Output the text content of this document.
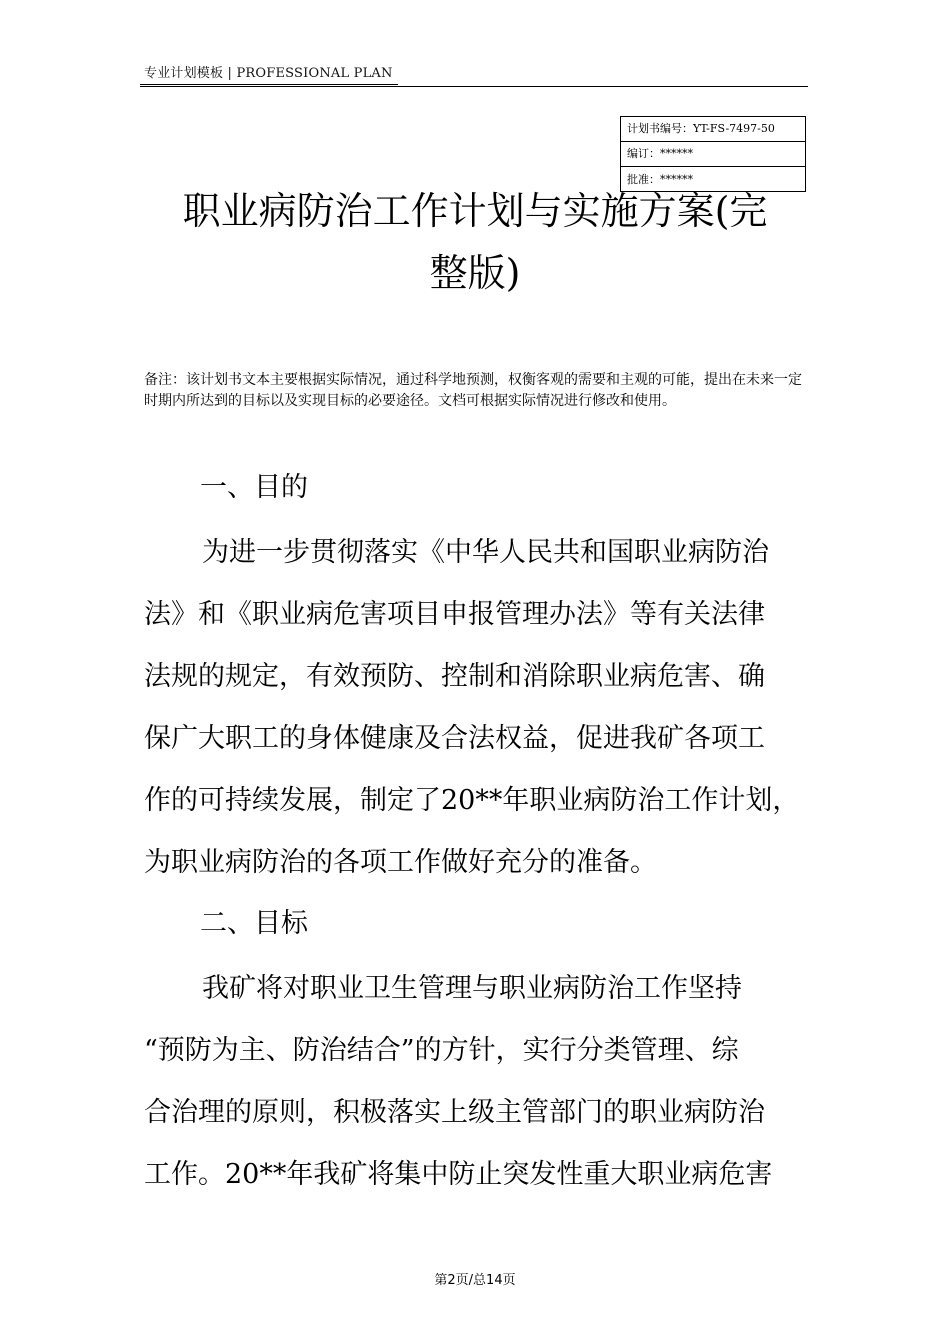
专业计划模板 | PROFESSIONAL PLAN
计划书编号：YT-FS-7497-50
编订：******
批准：******
职业病防治工作计划与实施方案(完
整版)
备注：该计划书文本主要根据实际情况，通过科学地预测，权衡客观的需要和主观的可能，提出在未来一定时期内所达到的目标以及实现目标的必要途径。文档可根据实际情况进行修改和使用。
一、目的
为进一步贯彻落实《中华人民共和国职业病防治
法》和《职业病危害项目申报管理办法》等有关法律
法规的规定，有效预防、控制和消除职业病危害、确
保广大职工的身体健康及合法权益，促进我矿各项工
作的可持续发展，制定了20**年职业病防治工作计划，
为职业病防治的各项工作做好充分的准备。
二、目标
我矿将对职业卫生管理与职业病防治工作坚持
“预防为主、防治结合”的方针，实行分类管理、综
合治理的原则，积极落实上级主管部门的职业病防治
工作。20**年我矿将集中防止突发性重大职业病危害
第2页/总14页
